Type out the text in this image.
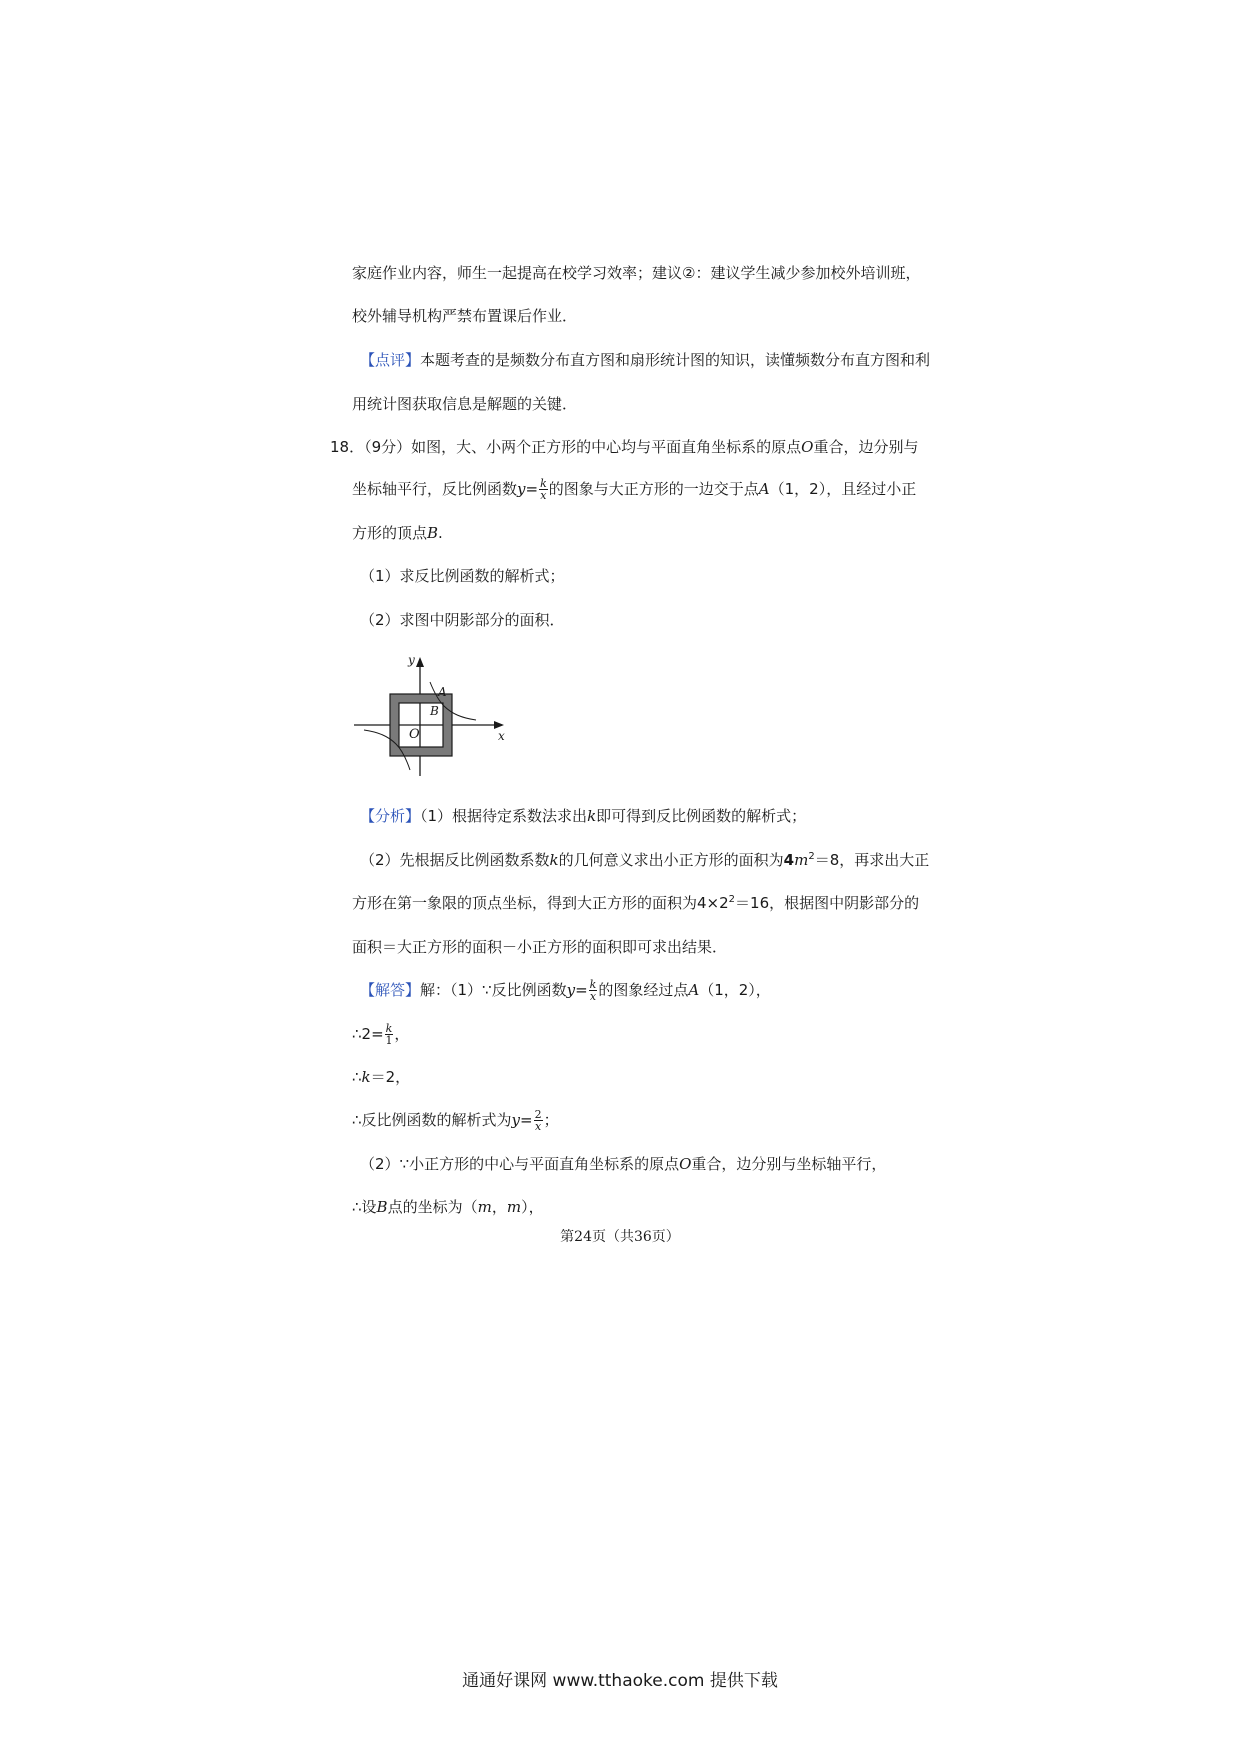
家庭作业内容，师生一起提高在校学习效率；建议②：建议学生减少参加校外培训班，
校外辅导机构严禁布置课后作业．
【点评】本题考查的是频数分布直方图和扇形统计图的知识，读懂频数分布直方图和利
用统计图获取信息是解题的关键．
18．（9分）如图，大、小两个正方形的中心均与平面直角坐标系的原点O重合，边分别与
坐标轴平行，反比例函数$y= \frac{k}{x}$ 的图象与大正方形的一边交于点A（1，2），且经过小正
方形的顶点B.
（1）求反比例函数的解析式；
（2）求图中阴影部分的面积．
y
x
A
B
O
【分析】（1）根据待定系数法求出k即可得到反比例函数的解析式；
（2）先根据反比例函数系数k的几何意义求出小正方形的面积为$4m^2=8$，再求出大正
方形在第一象限的顶点坐标，得到大正方形的面积为$4\times 2^2=16$，根据图中阴影部分的
面积＝大正方形的面积－小正方形的面积即可求出结果．
【解答】解：（1）∵反比例函数$y= \frac{k}{x}$ 的图象经过点A（1，2），
∴2= $\frac{k}{1}$ ，
∴k＝2，
∴反比例函数的解析式为$y= \frac{2}{x}$ ；
（2）∵小正方形的中心与平面直角坐标系的原点O重合，边分别与坐标轴平行，
∴设B点的坐标为（m，m），
第24页（共36页）
通通好课网 www.tthaoke.com 提供下载
